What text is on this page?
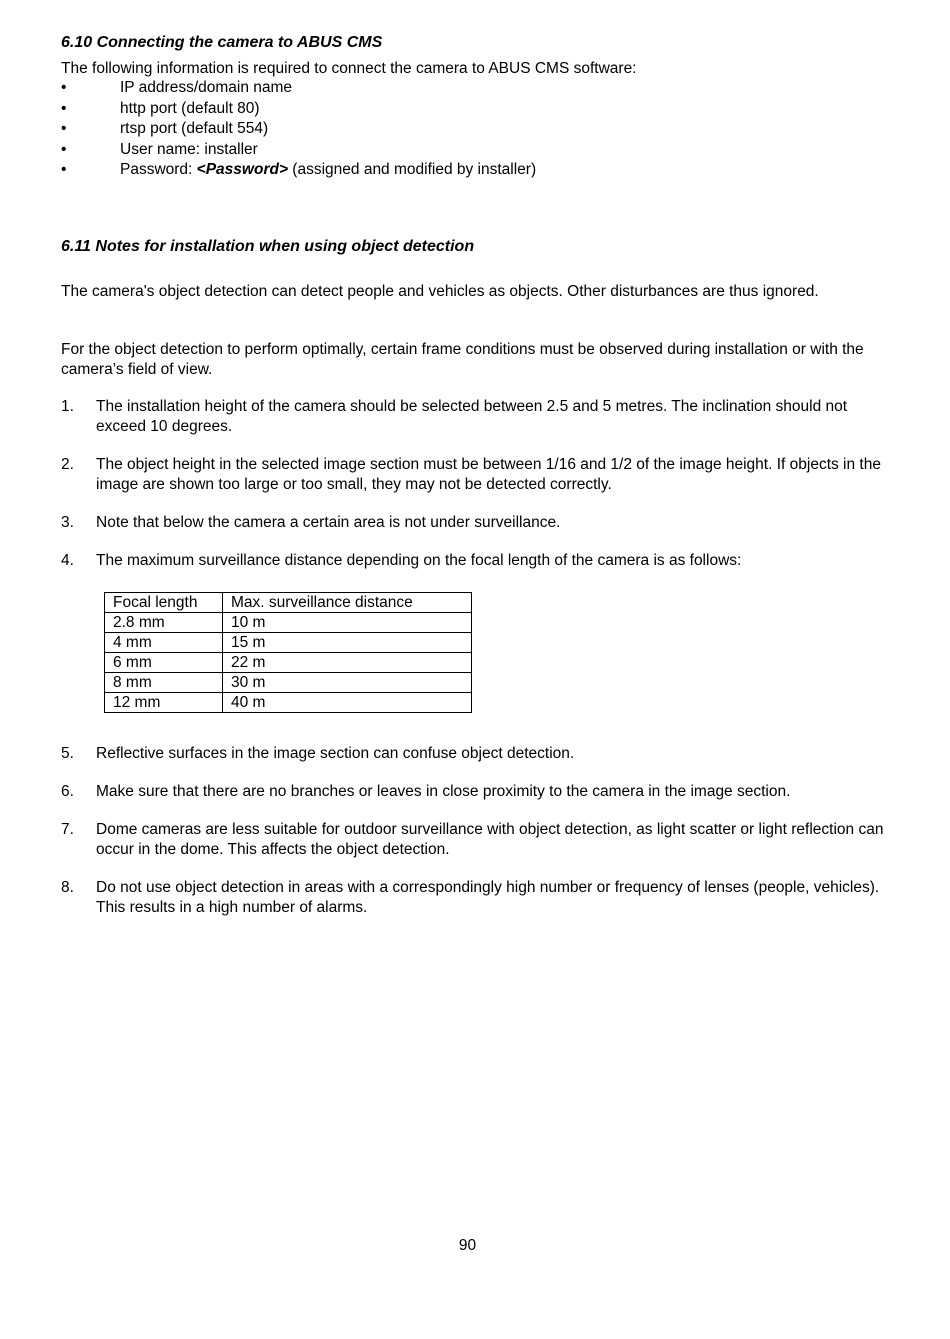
6.10 Connecting the camera to ABUS CMS
The following information is required to connect the camera to ABUS CMS software:
•	IP address/domain name
•	http port (default 80)
•	rtsp port (default 554)
•	User name: installer
•	Password: <Password> (assigned and modified by installer)
6.11 Notes for installation when using object detection
The camera's object detection can detect people and vehicles as objects. Other disturbances are thus ignored.
For the object detection to perform optimally, certain frame conditions must be observed during installation or with the camera’s field of view.
1. The installation height of the camera should be selected between 2.5 and 5 metres. The inclination should not exceed 10 degrees.
2. The object height in the selected image section must be between 1/16 and 1/2 of the image height. If objects in the image are shown too large or too small, they may not be detected correctly.
3. Note that below the camera a certain area is not under surveillance.
4. The maximum surveillance distance depending on the focal length of the camera is as follows:
Focal length	Max. surveillance distance
2.8 mm	10 m
4 mm	15 m
6 mm	22 m
8 mm	30 m
12 mm	40 m
5. Reflective surfaces in the image section can confuse object detection.
6. Make sure that there are no branches or leaves in close proximity to the camera in the image section.
7. Dome cameras are less suitable for outdoor surveillance with object detection, as light scatter or light reflection can occur in the dome. This affects the object detection.
8. Do not use object detection in areas with a correspondingly high number or frequency of lenses (people, vehicles). This results in a high number of alarms.
90
